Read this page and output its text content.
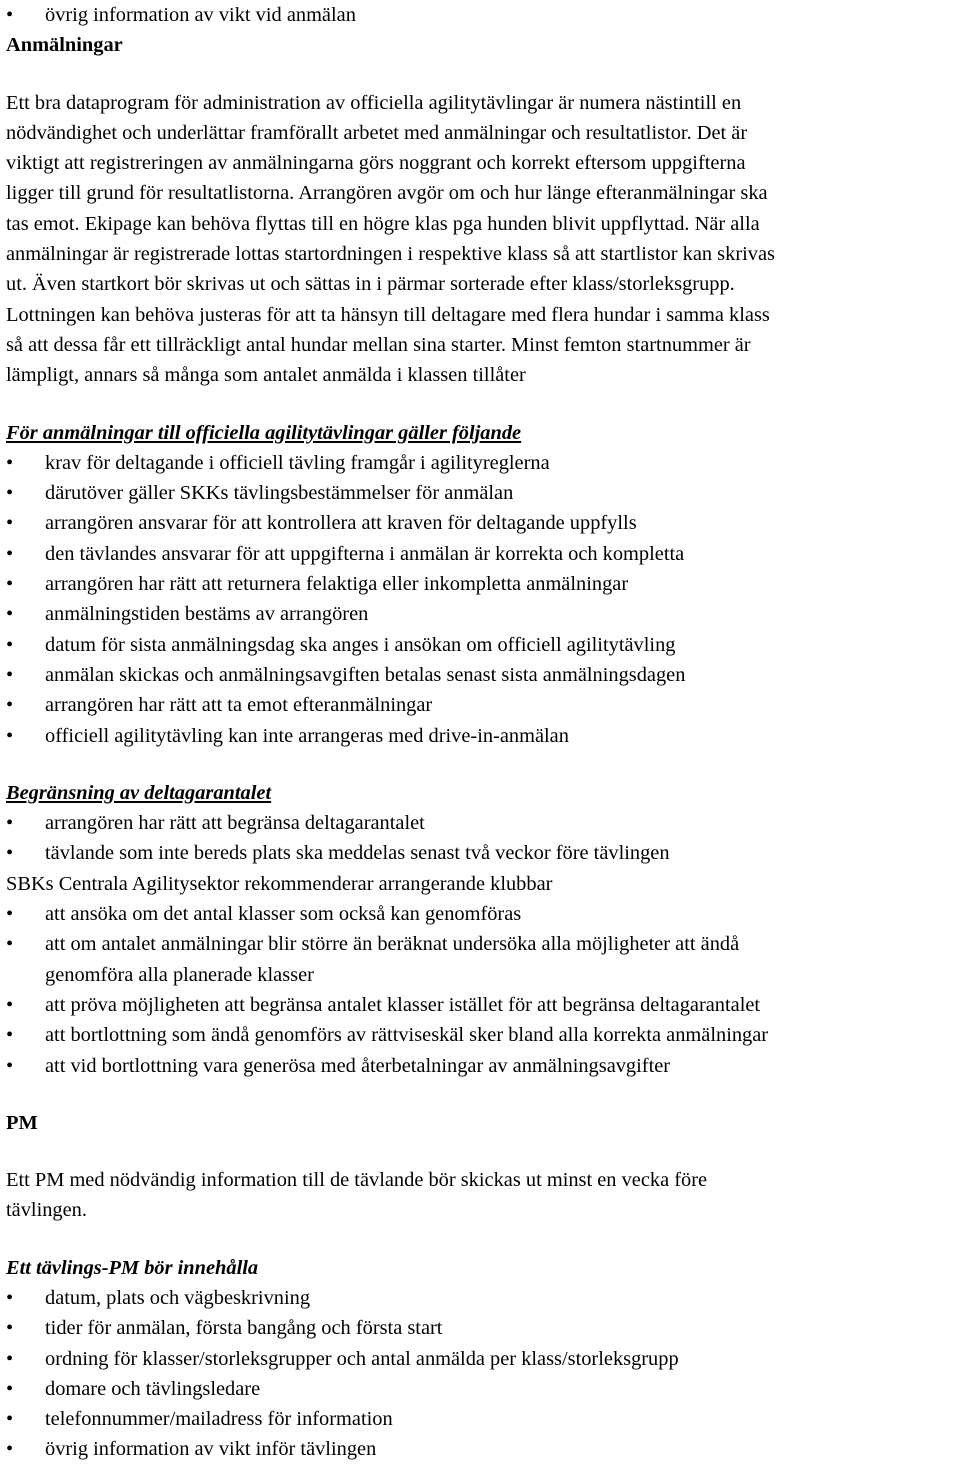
• övrig information av vikt vid anmälan
Anmälningar
Ett bra dataprogram för administration av officiella agilitytävlingar är numera nästintill en
nödvändighet och underlättar framförallt arbetet med anmälningar och resultatlistor. Det är
viktigt att registreringen av anmälningarna görs noggrant och korrekt eftersom uppgifterna
ligger till grund för resultatlistorna. Arrangören avgör om och hur länge efteranmälningar ska
tas emot. Ekipage kan behöva flyttas till en högre klas pga hunden blivit uppflyttad. När alla
anmälningar är registrerade lottas startordningen i respektive klass så att startlistor kan skrivas
ut. Även startkort bör skrivas ut och sättas in i pärmar sorterade efter klass/storleksgrupp.
Lottningen kan behöva justeras för att ta hänsyn till deltagare med flera hundar i samma klass
så att dessa får ett tillräckligt antal hundar mellan sina starter. Minst femton startnummer är
lämpligt, annars så många som antalet anmälda i klassen tillåter
För anmälningar till officiella agilitytävlingar gäller följande
• krav för deltagande i officiell tävling framgår i agilityreglerna
• därutöver gäller SKKs tävlingsbestämmelser för anmälan
• arrangören ansvarar för att kontrollera att kraven för deltagande uppfylls
• den tävlandes ansvarar för att uppgifterna i anmälan är korrekta och kompletta
• arrangören har rätt att returnera felaktiga eller inkompletta anmälningar
• anmälningstiden bestäms av arrangören
• datum för sista anmälningsdag ska anges i ansökan om officiell agilitytävling
• anmälan skickas och anmälningsavgiften betalas senast sista anmälningsdagen
• arrangören har rätt att ta emot efteranmälningar
• officiell agilitytävling kan inte arrangeras med drive-in-anmälan
Begränsning av deltagarantalet
• arrangören har rätt att begränsa deltagarantalet
• tävlande som inte bereds plats ska meddelas senast två veckor före tävlingen
SBKs Centrala Agilitysektor rekommenderar arrangerande klubbar
• att ansöka om det antal klasser som också kan genomföras
• att om antalet anmälningar blir större än beräknat undersöka alla möjligheter att ändå
genomföra alla planerade klasser
• att pröva möjligheten att begränsa antalet klasser istället för att begränsa deltagarantalet
• att bortlottning som ändå genomförs av rättviseskäl sker bland alla korrekta anmälningar
• att vid bortlottning vara generösa med återbetalningar av anmälningsavgifter
PM
Ett PM med nödvändig information till de tävlande bör skickas ut minst en vecka före
tävlingen.
Ett tävlings-PM bör innehålla
• datum, plats och vägbeskrivning
• tider för anmälan, första bangång och första start
• ordning för klasser/storleksgrupper och antal anmälda per klass/storleksgrupp
• domare och tävlingsledare
• telefonnummer/mailadress för information
• övrig information av vikt inför tävlingen
